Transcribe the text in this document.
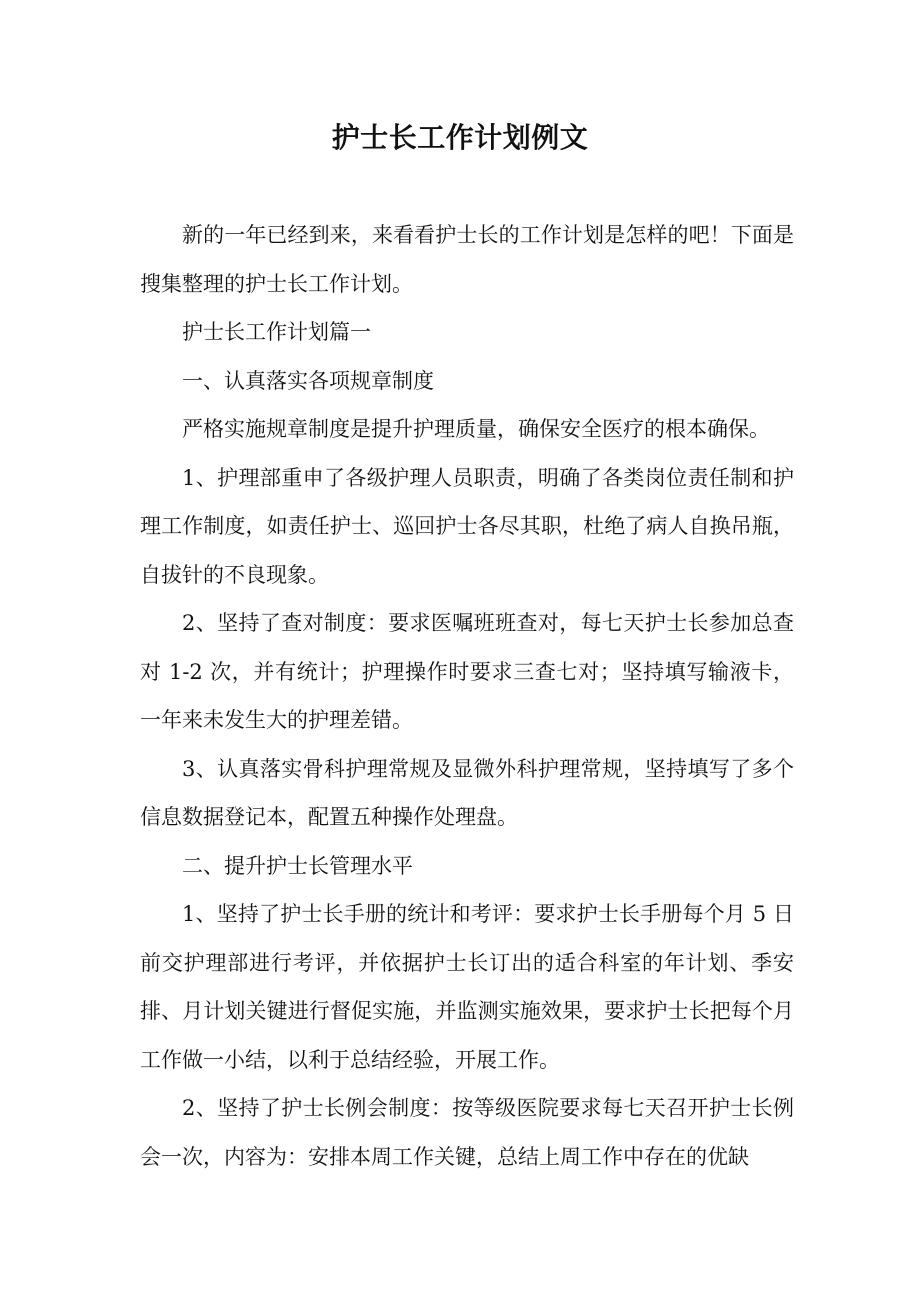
护士长工作计划例文

新的一年已经到来，来看看护士长的工作计划是怎样的吧！下面是搜集整理的护士长工作计划。

护士长工作计划篇一

一、认真落实各项规章制度

严格实施规章制度是提升护理质量，确保安全医疗的根本确保。

1、护理部重申了各级护理人员职责，明确了各类岗位责任制和护理工作制度，如责任护士、巡回护士各尽其职，杜绝了病人自换吊瓶，自拔针的不良现象。

2、坚持了查对制度：要求医嘱班班查对，每七天护士长参加总查对 1-2 次，并有统计；护理操作时要求三查七对；坚持填写输液卡，一年来未发生大的护理差错。

3、认真落实骨科护理常规及显微外科护理常规，坚持填写了多个信息数据登记本，配置五种操作处理盘。

二、提升护士长管理水平

1、坚持了护士长手册的统计和考评：要求护士长手册每个月 5 日前交护理部进行考评，并依据护士长订出的适合科室的年计划、季安排、月计划关键进行督促实施，并监测实施效果，要求护士长把每个月工作做一小结，以利于总结经验，开展工作。

2、坚持了护士长例会制度：按等级医院要求每七天召开护士长例会一次，内容为：安排本周工作关键，总结上周工作中存在的优缺
